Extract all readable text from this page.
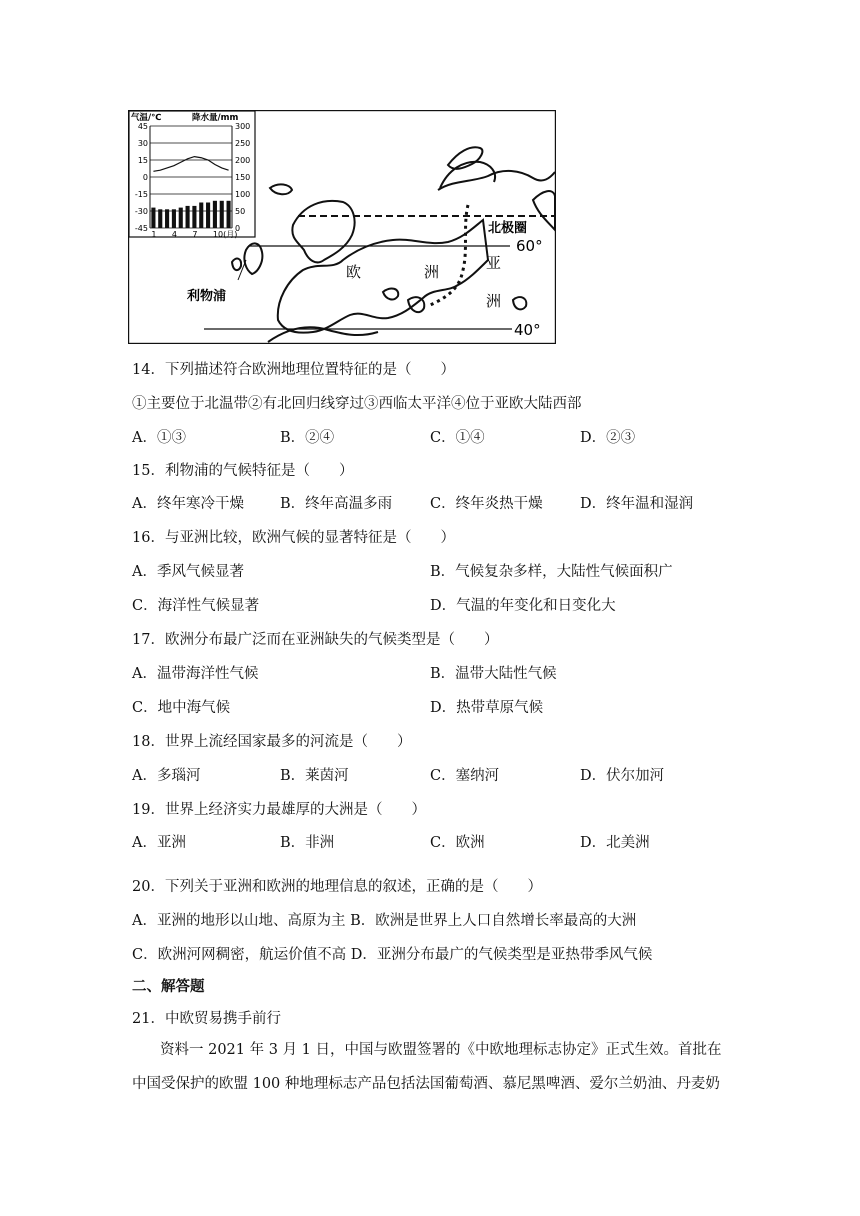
气温/℃	降水量/mm
45
30
15
0
-15
-30
-45
300
250
200
150
100
50
0
1 4 7 10(月)
利物浦
欧	洲	亚
洲
北极圈
60°
40°
14．下列描述符合欧洲地理位置特征的是（　　）
①主要位于北温带②有北回归线穿过③西临太平洋④位于亚欧大陆西部
A．①③	B．②④	C．①④	D．②③
15．利物浦的气候特征是（　　）
A．终年寒冷干燥 B．终年高温多雨	C．终年炎热干燥	D．终年温和湿润
16．与亚洲比较，欧洲气候的显著特征是（　　）
A．季风气候显著	B．气候复杂多样，大陆性气候面积广
C．海洋性气候显著	D．气温的年变化和日变化大
17．欧洲分布最广泛而在亚洲缺失的气候类型是（　　）
A．温带海洋性气候	B．温带大陆性气候
C．地中海气候	D．热带草原气候
18．世界上流经国家最多的河流是（　　）
A．多瑙河	B．莱茵河	C．塞纳河	D．伏尔加河
19．世界上经济实力最雄厚的大洲是（　　）
A．亚洲	B．非洲	C．欧洲	D．北美洲
20．下列关于亚洲和欧洲的地理信息的叙述，正确的是（　　）
A．亚洲的地形以山地、高原为主 B．欧洲是世界上人口自然增长率最高的大洲
C．欧洲河网稠密，航运价值不高 D．亚洲分布最广的气候类型是亚热带季风气候
二、解答题
21．中欧贸易携手前行
资料一 2021 年 3 月 1 日，中国与欧盟签署的《中欧地理标志协定》正式生效。首批在
中国受保护的欧盟 100 种地理标志产品包括法国葡萄酒、慕尼黑啤酒、爱尔兰奶油、丹麦奶
